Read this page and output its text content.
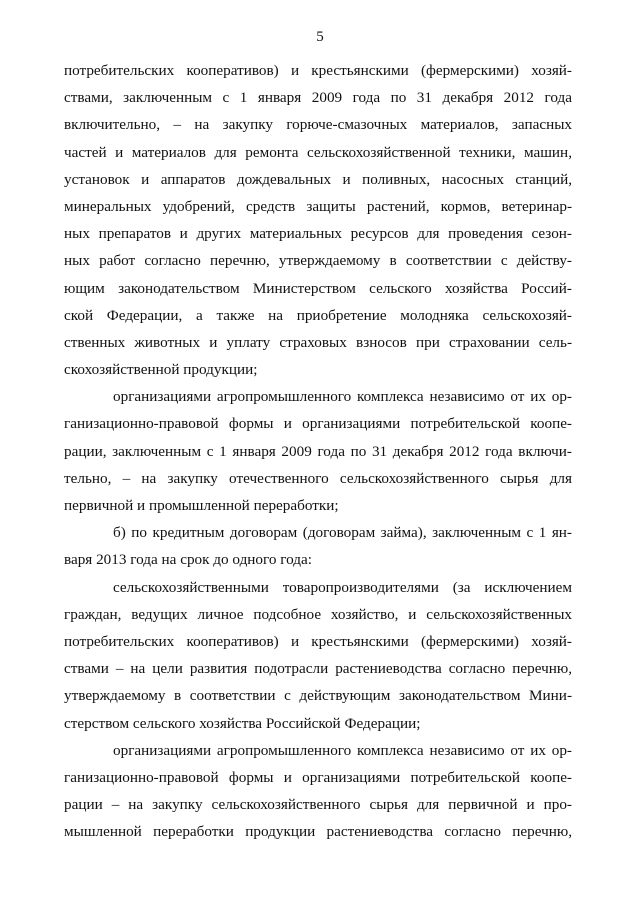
5
потребительских кооперативов) и крестьянскими (фермерскими) хозяй-
ствами, заключенным с 1 января 2009 года по 31 декабря 2012 года
включительно, – на закупку горюче-смазочных материалов, запасных
частей и материалов для ремонта сельскохозяйственной техники, машин,
установок и аппаратов дождевальных и поливных, насосных станций,
минеральных удобрений, средств защиты растений, кормов, ветеринар-
ных препаратов и других материальных ресурсов для проведения сезон-
ных работ согласно перечню, утверждаемому в соответствии с действу-
ющим законодательством Министерством сельского хозяйства Россий-
ской Федерации, а также на приобретение молодняка сельскохозяй-
ственных животных и уплату страховых взносов при страховании сель-
скохозяйственной продукции;
организациями агропромышленного комплекса независимо от их ор-
ганизационно-правовой формы и организациями потребительской коопе-
рации, заключенным с 1 января 2009 года по 31 декабря 2012 года включи-
тельно, – на закупку отечественного сельскохозяйственного сырья для
первичной и промышленной переработки;
б) по кредитным договорам (договорам займа), заключенным с 1 ян-
варя 2013 года на срок до одного года:
сельскохозяйственными товаропроизводителями (за исключением
граждан, ведущих личное подсобное хозяйство, и сельскохозяйственных
потребительских кооперативов) и крестьянскими (фермерскими) хозяй-
ствами – на цели развития подотрасли растениеводства согласно перечню,
утверждаемому в соответствии с действующим законодательством Мини-
стерством сельского хозяйства Российской Федерации;
организациями агропромышленного комплекса независимо от их ор-
ганизационно-правовой формы и организациями потребительской коопе-
рации – на закупку сельскохозяйственного сырья для первичной и про-
мышленной переработки продукции растениеводства согласно перечню,
